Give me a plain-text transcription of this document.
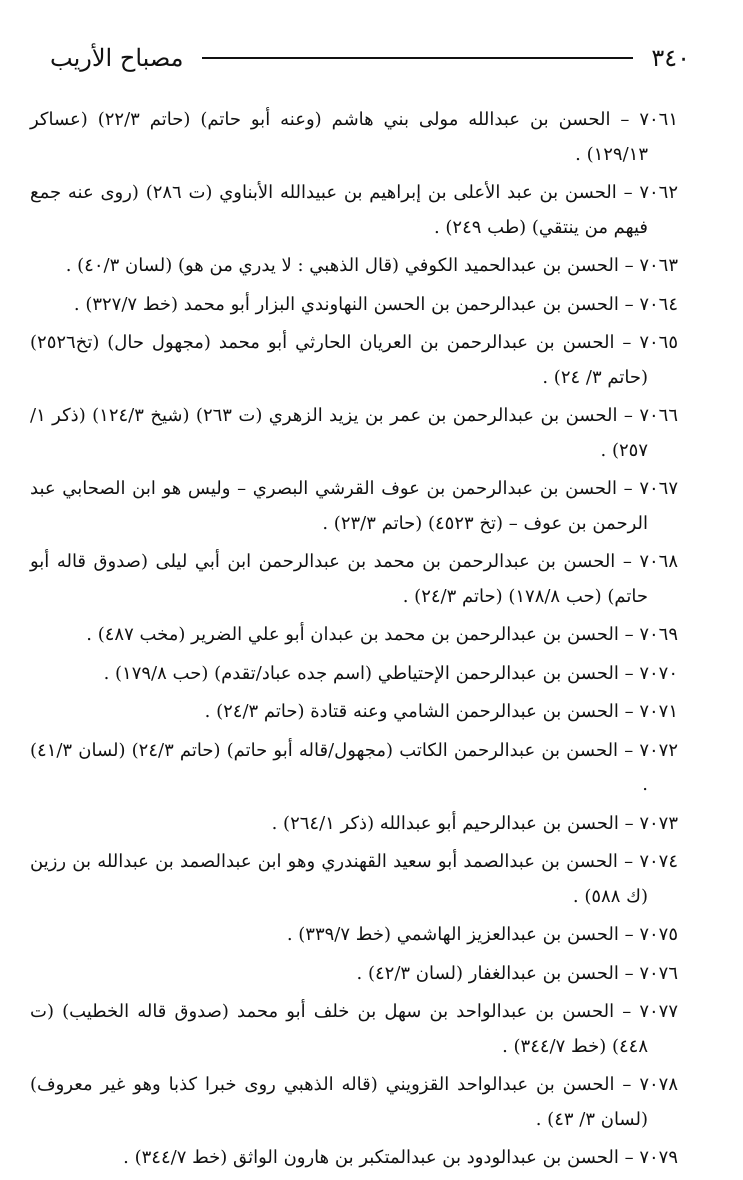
٣٤٠
مصباح الأريب

٧٠٦١ – الحسن بن عبدالله مولى بني هاشم (وعنه أبو حاتم) (حاتم ٢٢/٣) (عساكر ١٢٩/١٣) .

٧٠٦٢ – الحسن بن عبد الأعلى بن إبراهيم بن عبيدالله الأبناوي (ت ٢٨٦) (روى عنه جمع فيهم من ينتقي) (طب ٢٤٩) .

٧٠٦٣ – الحسن بن عبدالحميد الكوفي (قال الذهبي : لا يدري من هو) (لسان ٤٠/٣) .

٧٠٦٤ – الحسن بن عبدالرحمن بن الحسن النهاوندي البزار أبو محمد (خط ٣٢٧/٧) .

٧٠٦٥ – الحسن بن عبدالرحمن بن العريان الحارثي أبو محمد (مجهول حال) (تخ٢٥٢٦) (حاتم ٣/ ٢٤) .

٧٠٦٦ – الحسن بن عبدالرحمن بن عمر بن يزيد الزهري (ت ٢٦٣) (شيخ ١٢٤/٣) (ذكر ١/ ٢٥٧) .

٧٠٦٧ – الحسن بن عبدالرحمن بن عوف القرشي البصري – وليس هو ابن الصحابي عبد الرحمن بن عوف – (تخ ٤٥٢٣) (حاتم ٢٣/٣) .

٧٠٦٨ – الحسن بن عبدالرحمن بن محمد بن عبدالرحمن ابن أبي ليلى (صدوق قاله أبو حاتم) (حب ١٧٨/٨) (حاتم ٢٤/٣) .

٧٠٦٩ – الحسن بن عبدالرحمن بن محمد بن عبدان أبو علي الضرير (مخب ٤٨٧) .

٧٠٧٠ – الحسن بن عبدالرحمن الإحتياطي (اسم جده عباد/تقدم) (حب ١٧٩/٨) .

٧٠٧١ – الحسن بن عبدالرحمن الشامي وعنه قتادة (حاتم ٢٤/٣) .

٧٠٧٢ – الحسن بن عبدالرحمن الكاتب (مجهول/قاله أبو حاتم) (حاتم ٢٤/٣) (لسان ٤١/٣) .

٧٠٧٣ – الحسن بن عبدالرحيم أبو عبدالله (ذكر ٢٦٤/١) .

٧٠٧٤ – الحسن بن عبدالصمد أبو سعيد القهندري وهو ابن عبدالصمد بن عبدالله بن رزين (ك ٥٨٨) .

٧٠٧٥ – الحسن بن عبدالعزيز الهاشمي (خط ٣٣٩/٧) .

٧٠٧٦ – الحسن بن عبدالغفار (لسان ٤٢/٣) .

٧٠٧٧ – الحسن بن عبدالواحد بن سهل بن خلف أبو محمد (صدوق قاله الخطيب) (ت ٤٤٨) (خط ٣٤٤/٧) .

٧٠٧٨ – الحسن بن عبدالواحد القزويني (قاله الذهبي روى خبرا كذبا وهو غير معروف) (لسان ٣/ ٤٣) .

٧٠٧٩ – الحسن بن عبدالودود بن عبدالمتكبر بن هارون الواثق (خط ٣٤٤/٧) .
